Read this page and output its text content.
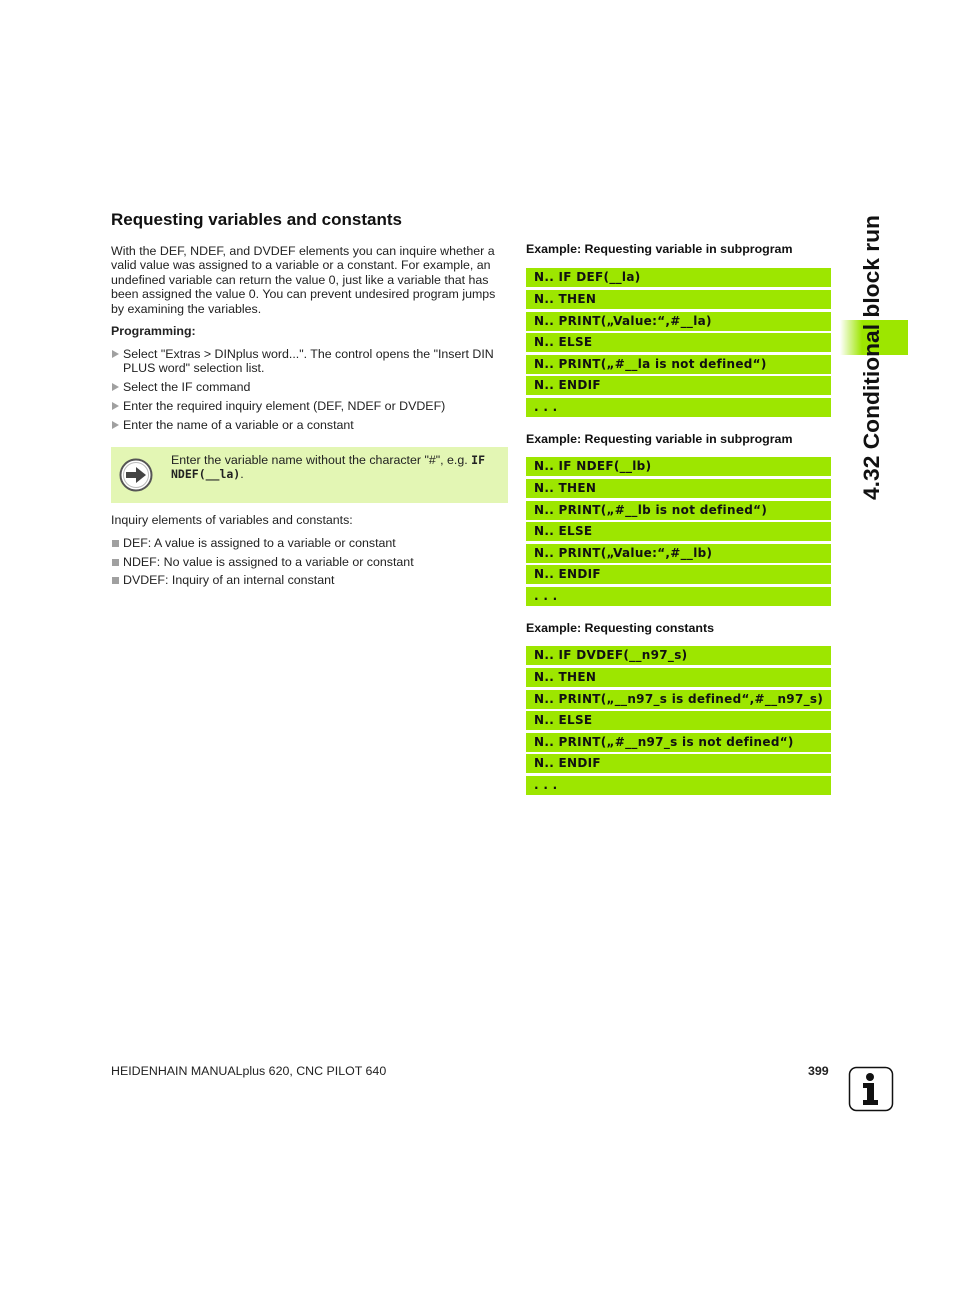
Requesting variables and constants
With the DEF, NDEF, and DVDEF elements you can inquire whether a valid value was assigned to a variable or a constant. For example, an undefined variable can return the value 0, just like a variable that has been assigned the value 0. You can prevent undesired program jumps by examining the variables.
Programming:
Select "Extras > DINplus word...". The control opens the "Insert DIN PLUS word" selection list.
Select the IF command
Enter the required inquiry element (DEF, NDEF or DVDEF)
Enter the name of a variable or a constant
Enter the variable name without the character "#", e.g. IF NDEF(__la).
Inquiry elements of variables and constants:
DEF: A value is assigned to a variable or constant
NDEF: No value is assigned to a variable or constant
DVDEF: Inquiry of an internal constant
Example: Requesting variable in subprogram
N.. IF DEF(__la)
N.. THEN
N.. PRINT(„Value:“,#__la)
N.. ELSE
N.. PRINT(„#__la is not defined“)
N.. ENDIF
. . .
Example: Requesting variable in subprogram
N.. IF NDEF(__lb)
N.. THEN
N.. PRINT(„#__lb is not defined“)
N.. ELSE
N.. PRINT(„Value:“,#__lb)
N.. ENDIF
. . .
Example: Requesting constants
N.. IF DVDEF(__n97_s)
N.. THEN
N.. PRINT(„__n97_s is defined“,#__n97_s)
N.. ELSE
N.. PRINT(„#__n97_s is not defined“)
N.. ENDIF
. . .
4.32 Conditional block run
HEIDENHAIN MANUALplus 620, CNC PILOT 640	399
